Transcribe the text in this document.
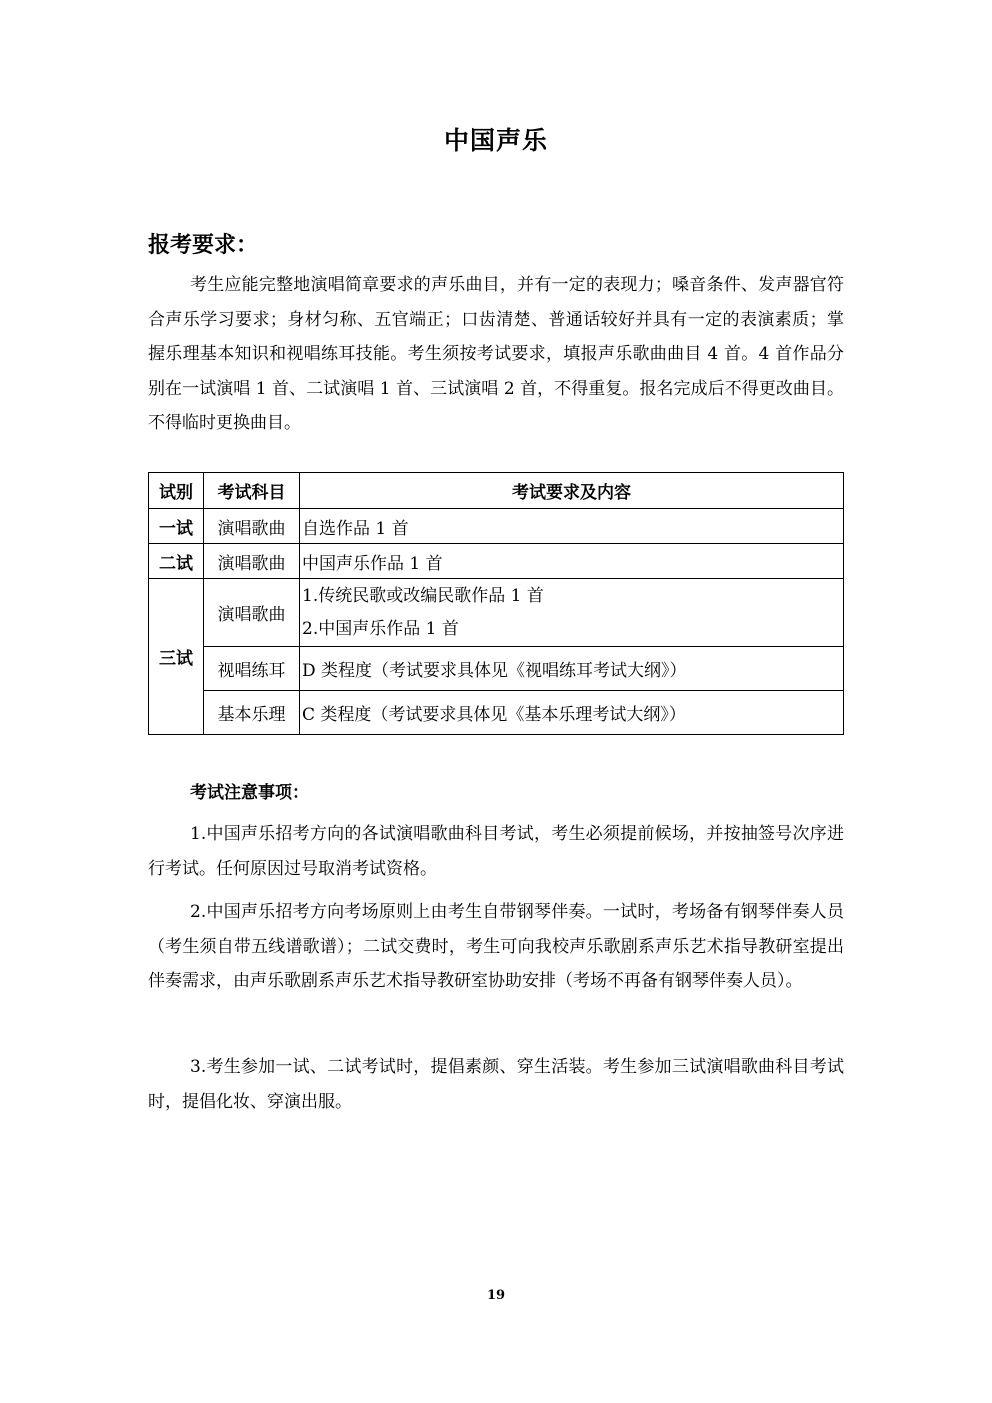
中国声乐
报考要求：
考生应能完整地演唱简章要求的声乐曲目，并有一定的表现力；嗓音条件、发声器官符合声乐学习要求；身材匀称、五官端正；口齿清楚、普通话较好并具有一定的表演素质；掌握乐理基本知识和视唱练耳技能。考生须按考试要求，填报声乐歌曲曲目 4 首。4 首作品分别在一试演唱 1 首、二试演唱 1 首、三试演唱 2 首，不得重复。报名完成后不得更改曲目。不得临时更换曲目。
试别	考试科目	考试要求及内容
一试	演唱歌曲	自选作品 1 首
二试	演唱歌曲	中国声乐作品 1 首
三试	演唱歌曲	1.传统民歌或改编民歌作品 1 首
2.中国声乐作品 1 首

	视唱练耳	D 类程度（考试要求具体见《视唱练耳考试大纲》）
	基本乐理	C 类程度（考试要求具体见《基本乐理考试大纲》）
考试注意事项：
1.中国声乐招考方向的各试演唱歌曲科目考试，考生必须提前候场，并按抽签号次序进行考试。任何原因过号取消考试资格。
2.中国声乐招考方向考场原则上由考生自带钢琴伴奏。一试时，考场备有钢琴伴奏人员（考生须自带五线谱歌谱）；二试交费时，考生可向我校声乐歌剧系声乐艺术指导教研室提出伴奏需求，由声乐歌剧系声乐艺术指导教研室协助安排（考场不再备有钢琴伴奏人员）。
3.考生参加一试、二试考试时，提倡素颜、穿生活装。考生参加三试演唱歌曲科目考试时，提倡化妆、穿演出服。
19
